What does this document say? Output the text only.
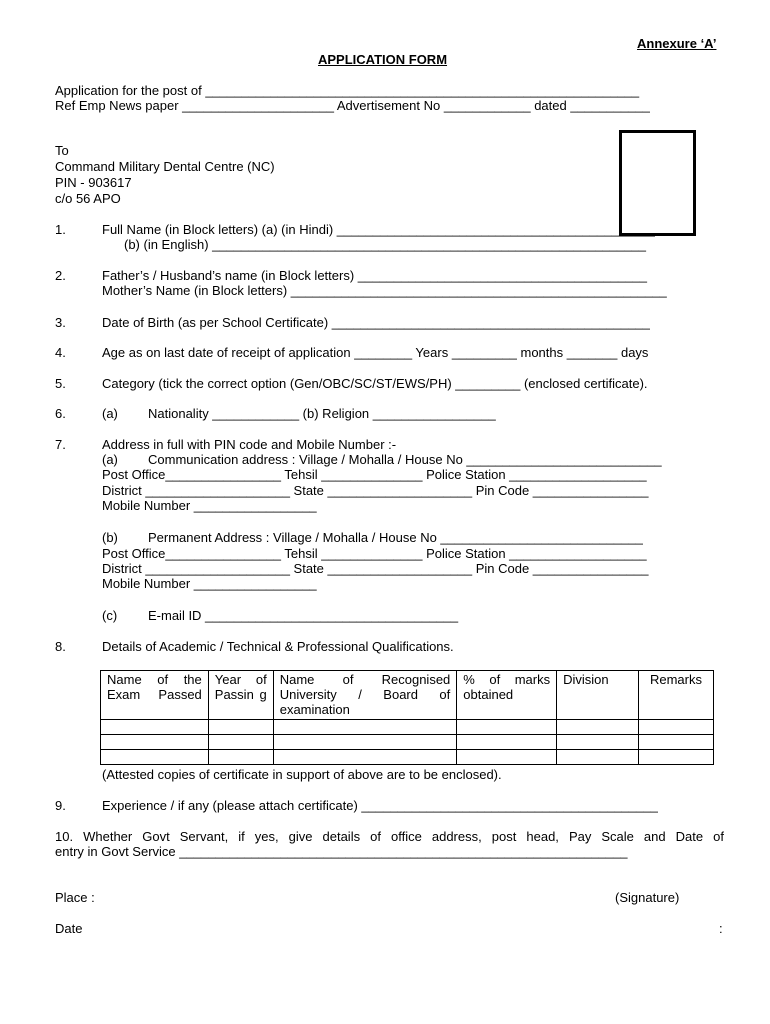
Annexure ‘A’
APPLICATION FORM
Application for the post of ____________________________________________________________
Ref Emp News paper _____________________ Advertisement No ____________ dated ___________
To
Command Military Dental Centre (NC)
PIN - 903617
c/o 56 APO
1.	Full Name (in Block letters) (a) (in Hindi) ____________________________________________
(b) (in English) ____________________________________________________________
2.	Father’s / Husband’s name (in Block letters) ________________________________________
Mother’s Name (in Block letters) ____________________________________________________
3.	Date of Birth (as per School Certificate) ____________________________________________
4.	Age as on last date of receipt of application ________ Years _________ months _______ days
5.	Category (tick the correct option (Gen/OBC/SC/ST/EWS/PH) _________ (enclosed certificate).
6.	(a) Nationality ____________ (b) Religion _________________
7.	Address in full with PIN code and Mobile Number :-
(a) Communication address : Village / Mohalla / House No ___________________________
Post Office________________ Tehsil ______________ Police Station ___________________
District ____________________ State ____________________ Pin Code ________________
Mobile Number _________________
(b) Permanent Address : Village / Mohalla / House No ____________________________
Post Office________________ Tehsil ______________ Police Station ___________________
District ____________________ State ____________________ Pin Code ________________
Mobile Number _________________
(c) E-mail ID ___________________________________
8.	Details of Academic / Technical & Professional Qualifications.
Name of the Exam Passed	Year of Passin g	Name of Recognised University / Board of examination	% of marks obtained	Division	Remarks

(Attested copies of certificate in support of above are to be enclosed).
9.	Experience / if any (please attach certificate) _________________________________________
10. Whether Govt Servant, if yes, give details of office address, post head, Pay Scale and Date of
entry in Govt Service ______________________________________________________________
Place :	(Signature)
Date	:
